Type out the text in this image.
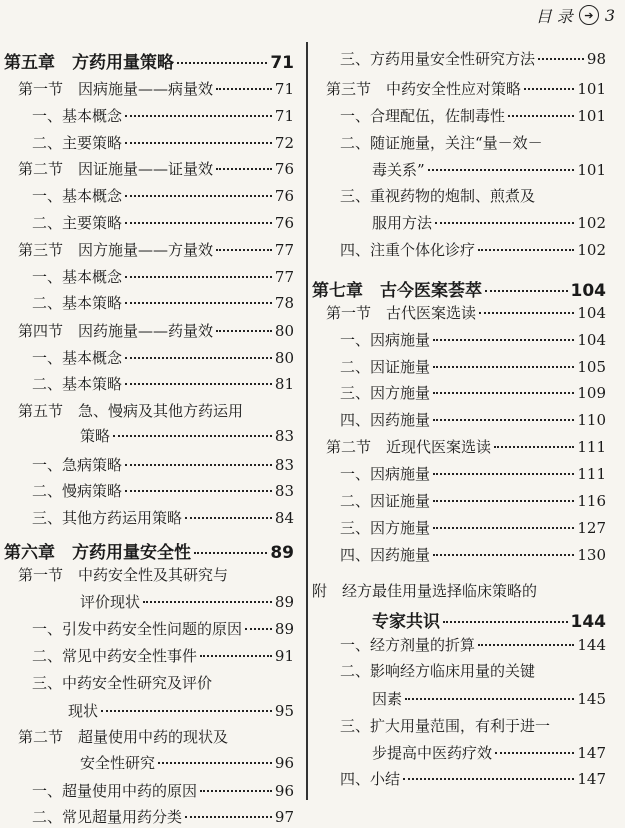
目 录	➔ 3
第五章　方药用量策略	71
第一节　因病施量——病量效	71
一、基本概念	71
二、主要策略	72
第二节　因证施量——证量效	76
一、基本概念	76
二、主要策略	76
第三节　因方施量——方量效	77
一、基本概念	77
二、基本策略	78
第四节　因药施量——药量效	80
一、基本概念	80
二、基本策略	81
第五节　急、慢病及其他方药运用
策略	83
一、急病策略	83
二、慢病策略	83
三、其他方药运用策略	84
第六章　方药用量安全性	89
第一节　中药安全性及其研究与
评价现状	89
一、引发中药安全性问题的原因 89
二、常见中药安全性事件	91
三、中药安全性研究及评价
现状	95
第二节　超量使用中药的现状及
安全性研究	96
一、超量使用中药的原因	96
二、常见超量用药分类	97
三、方药用量安全性研究方法	98
第三节　中药安全性应对策略	101
一、合理配伍，佐制毒性	101
二、随证施量，关注“量－效－
毒关系”	101
三、重视药物的炮制、煎煮及
服用方法	102
四、注重个体化诊疗	102
第七章　古今医案荟萃	104
第一节　古代医案选读	104
一、因病施量	104
二、因证施量	105
三、因方施量	109
四、因药施量	110
第二节　近现代医案选读	111
一、因病施量	111
二、因证施量	116
三、因方施量	127
四、因药施量	130
附　经方最佳用量选择临床策略的
专家共识	144
一、经方剂量的折算	144
二、影响经方临床用量的关键
因素	145
三、扩大用量范围，有利于进一
步提高中医药疗效	147
四、小结	147
